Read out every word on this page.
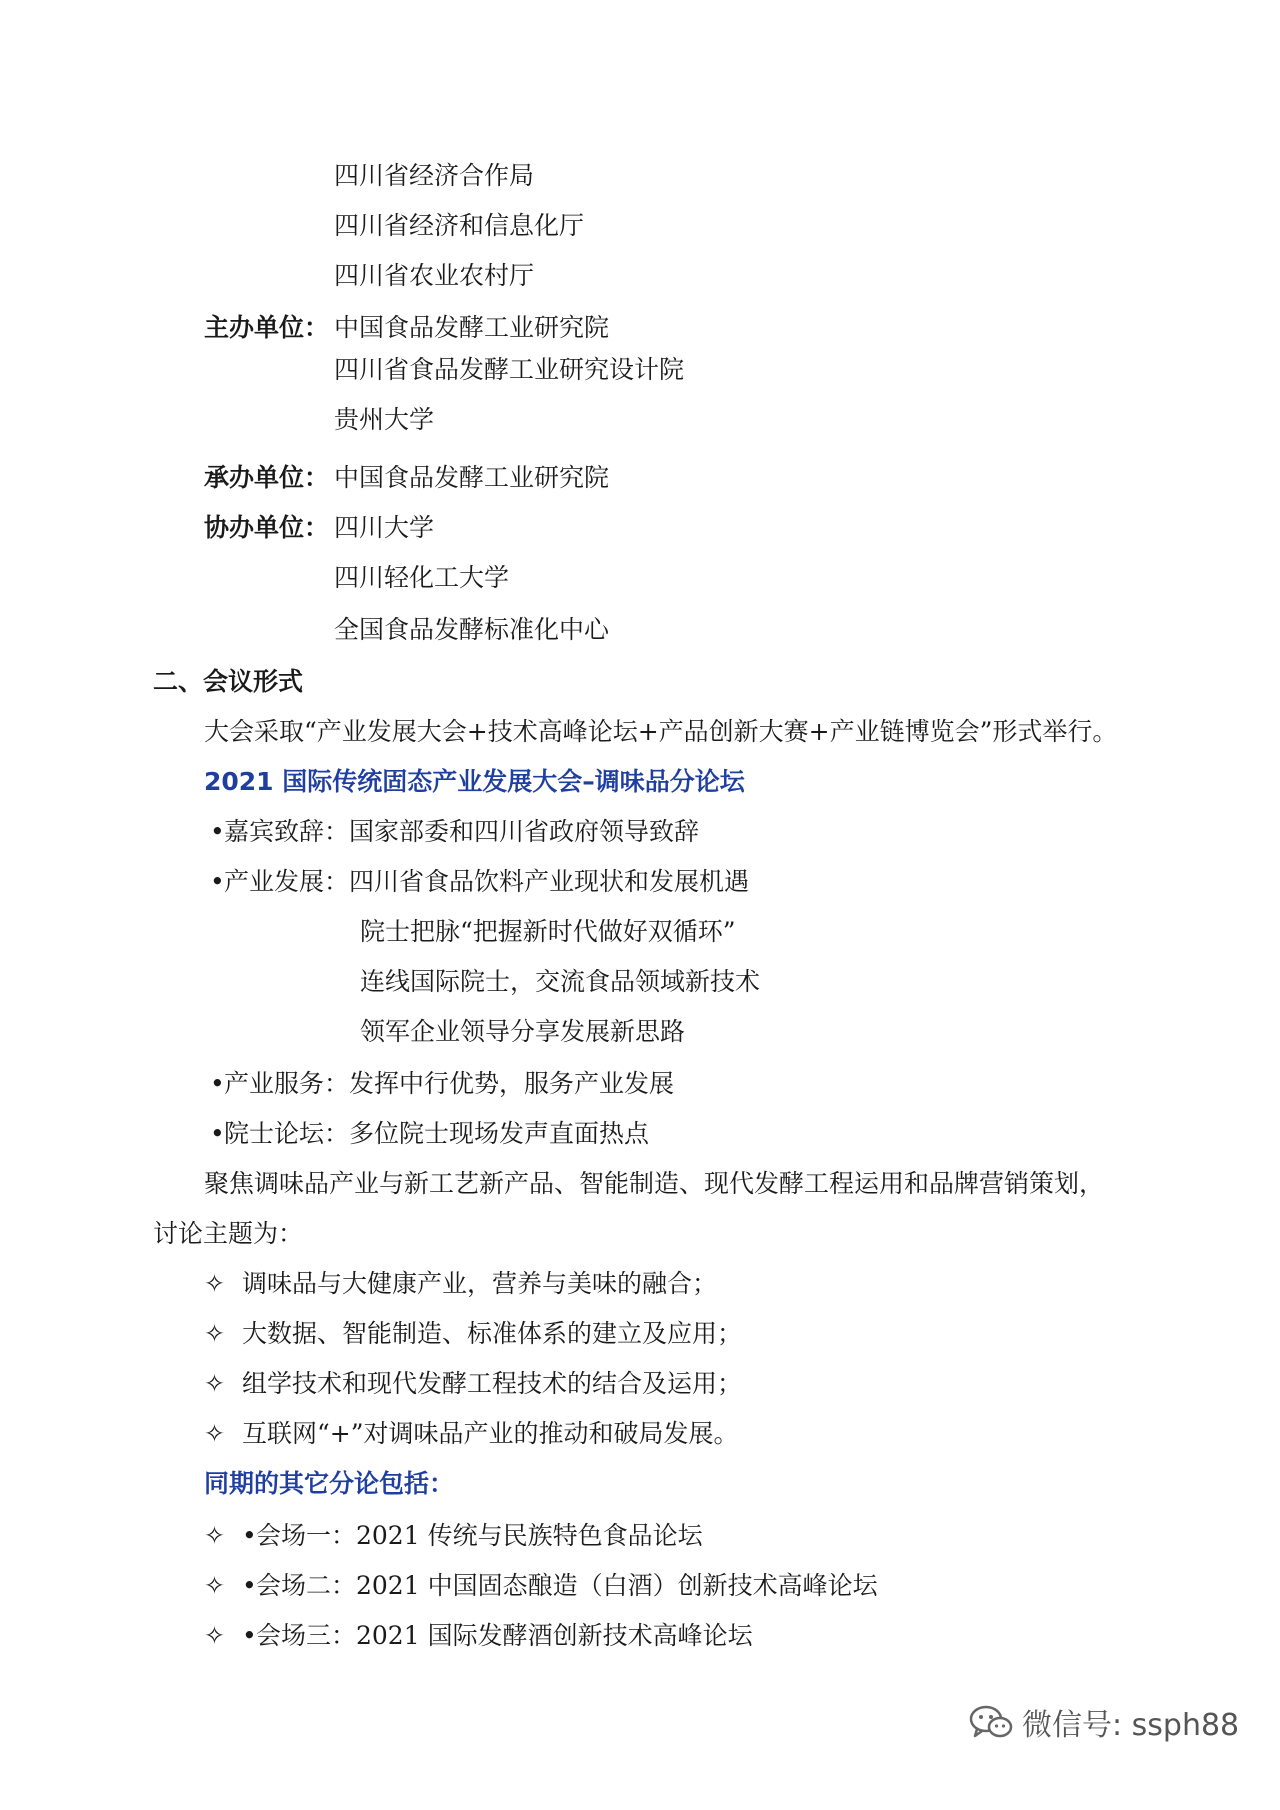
四川省经济合作局
四川省经济和信息化厅
四川省农业农村厅
主办单位： 中国食品发酵工业研究院
四川省食品发酵工业研究设计院
贵州大学
承办单位： 中国食品发酵工业研究院
协办单位： 四川大学
四川轻化工大学
全国食品发酵标准化中心
二、会议形式
大会采取“产业发展大会+技术高峰论坛+产品创新大赛+产业链博览会”形式举行。
2021 国际传统固态产业发展大会–调味品分论坛
•嘉宾致辞：国家部委和四川省政府领导致辞
•产业发展：四川省食品饮料产业现状和发展机遇
院士把脉“把握新时代做好双循环”
连线国际院士，交流食品领域新技术
领军企业领导分享发展新思路
•产业服务：发挥中行优势，服务产业发展
•院士论坛：多位院士现场发声直面热点
聚焦调味品产业与新工艺新产品、智能制造、现代发酵工程运用和品牌营销策划，
讨论主题为：
✧ 调味品与大健康产业，营养与美味的融合；
✧ 大数据、智能制造、标准体系的建立及应用；
✧ 组学技术和现代发酵工程技术的结合及运用；
✧ 互联网“+”对调味品产业的推动和破局发展。
同期的其它分论包括：
✧ •会场一：2021 传统与民族特色食品论坛
✧ •会场二：2021 中国固态酿造（白酒）创新技术高峰论坛
✧ •会场三：2021 国际发酵酒创新技术高峰论坛
微信号: ssph88
